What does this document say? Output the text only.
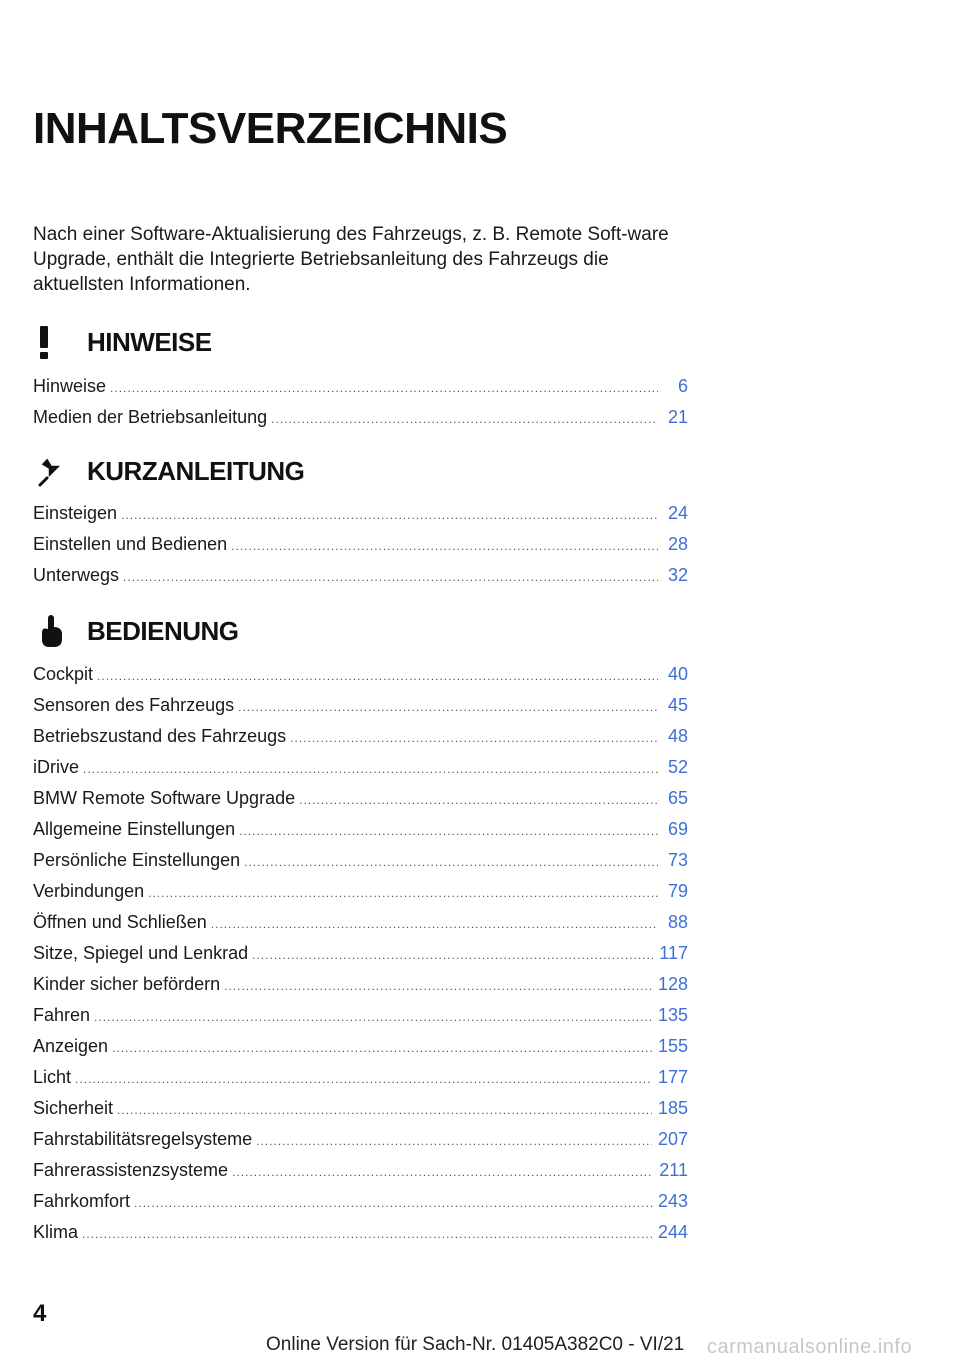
INHALTSVERZEICHNIS

Nach einer Software-Aktualisierung des Fahrzeugs, z. B. Remote Soft-ware Upgrade, enthält die Integrierte Betriebsanleitung des Fahrzeugs die aktuellsten Informationen.

HINWEISE
Hinweise .....	6
Medien der Betriebsanleitung .....	21
KURZANLEITUNG
Einsteigen .....	24
Einstellen und Bedienen .....	28
Unterwegs .....	32
BEDIENUNG
Cockpit .....	40
Sensoren des Fahrzeugs .....	45
Betriebszustand des Fahrzeugs .....	48
iDrive .....	52
BMW Remote Software Upgrade .....	65
Allgemeine Einstellungen .....	69
Persönliche Einstellungen .....	73
Verbindungen .....	79
Öffnen und Schließen .....	88
Sitze, Spiegel und Lenkrad .....	117
Kinder sicher befördern .....	128
Fahren .....	135
Anzeigen .....	155
Licht .....	177
Sicherheit .....	185
Fahrstabilitätsregelsysteme .....	207
Fahrerassistenzsysteme .....	211
Fahrkomfort .....	243
Klima .....	244
4
Online Version für Sach-Nr. 01405A382C0 - VI/21 carmanualsonline.info
